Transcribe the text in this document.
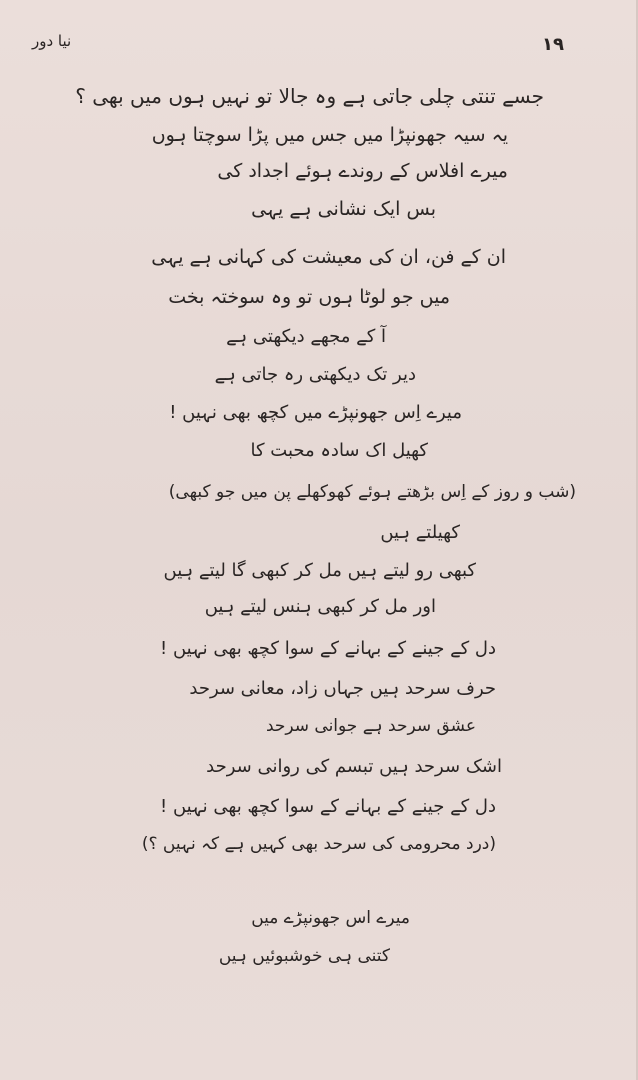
نیا دور	۱۹
جسے تنتی چلی جاتی ہے وہ جالا تو نہیں ہوں میں بھی ؟
یہ سیہ جھونپڑا میں جس میں پڑا سوچتا ہوں
میرے افلاس کے روندے ہوئے اجداد کی
بس ایک نشانی ہے یہی
ان کے فن، ان کی معیشت کی کہانی ہے یہی
میں جو لوٹا ہوں تو وہ سوختہ بخت
آ کے مجھے دیکھتی ہے
دیر تک دیکھتی رہ جاتی ہے
میرے اِس جھونپڑے میں کچھ بھی نہیں !
کھیل اک سادہ محبت کا
(شب و روز کے اِس بڑھتے ہوئے کھوکھلے پن میں جو کبھی)
کھیلتے ہیں
کبھی رو لیتے ہیں مل کر کبھی گا لیتے ہیں
اور مل کر کبھی ہنس لیتے ہیں
دل کے جینے کے بہانے کے سوا کچھ بھی نہیں !
حرف سرحد ہیں جہاں زاد، معانی سرحد
عشق سرحد ہے جوانی سرحد
اشک سرحد ہیں تبسم کی روانی سرحد
دل کے جینے کے بہانے کے سوا کچھ بھی نہیں !
(درد محرومی کی سرحد بھی کہیں ہے کہ نہیں ؟)
میرے اس جھونپڑے میں
کتنی ہی خوشبوئیں ہیں
